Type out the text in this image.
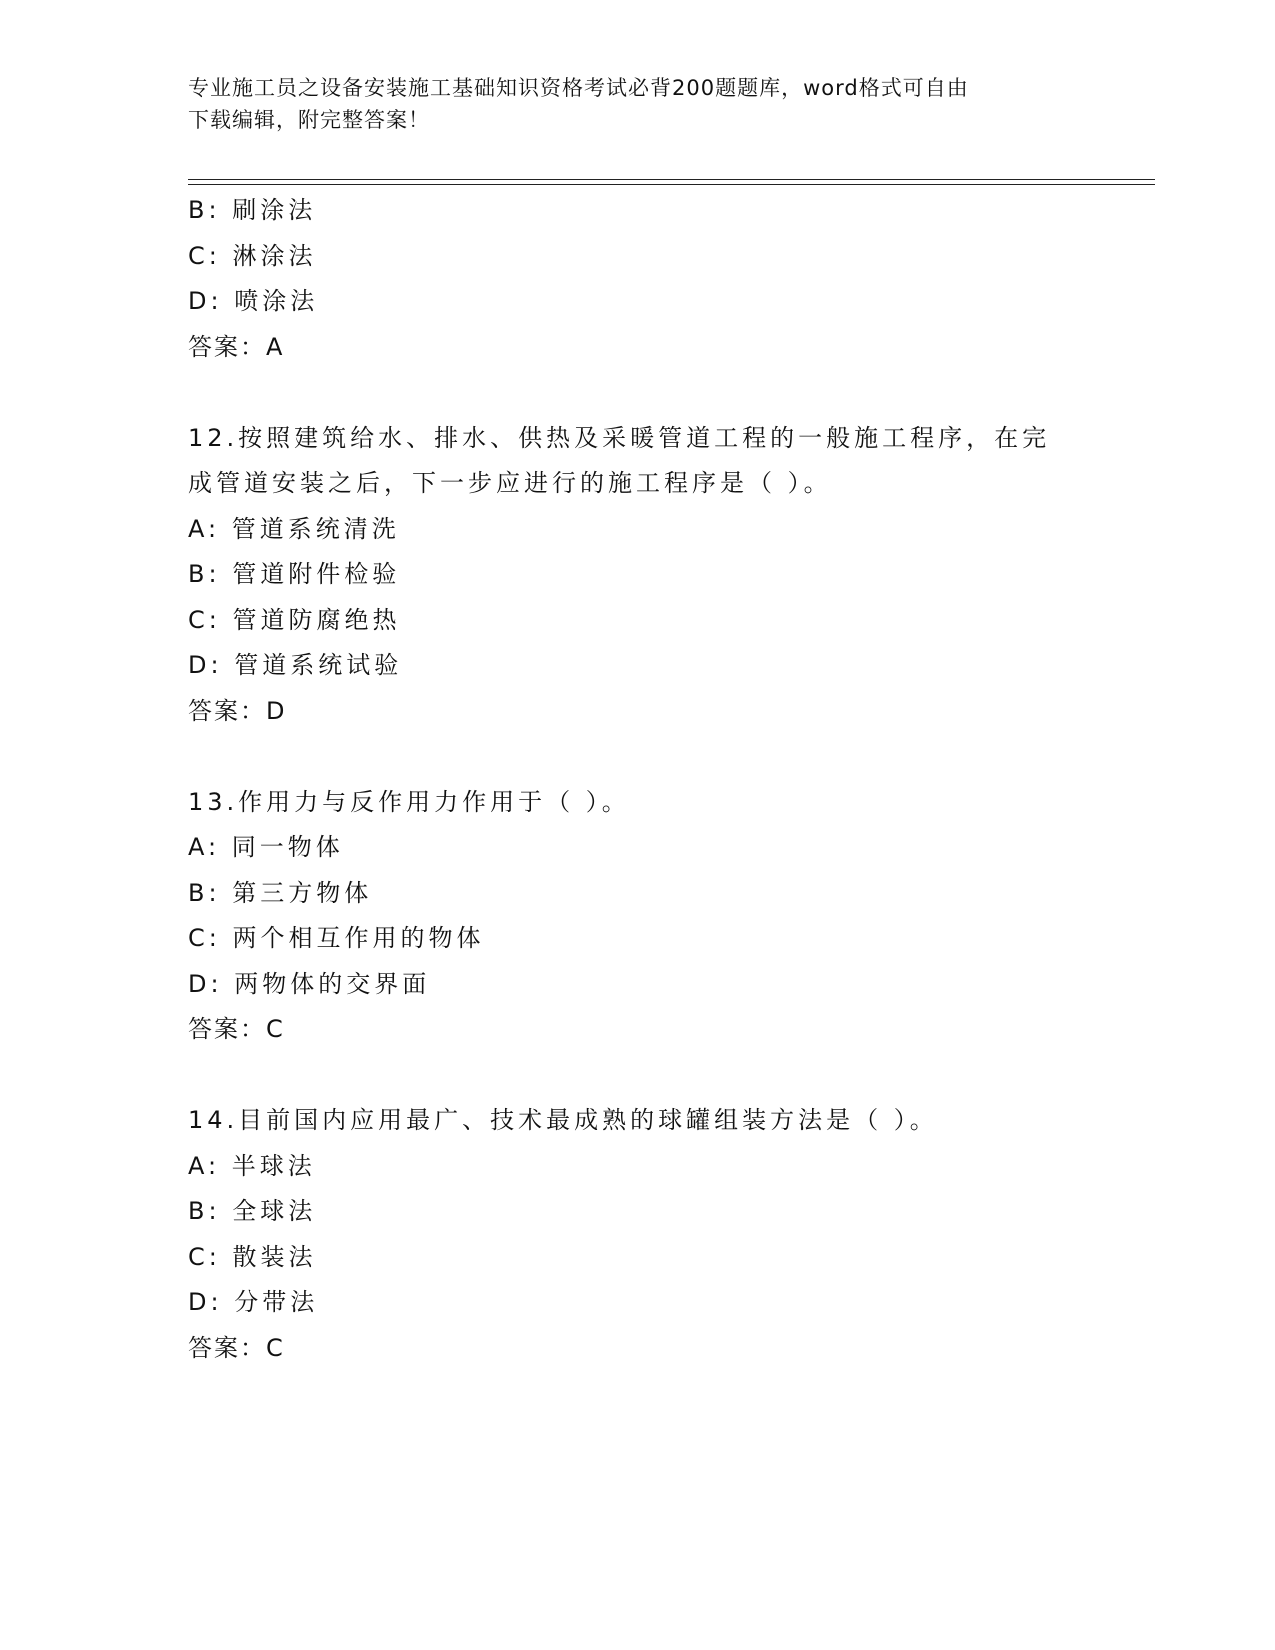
专业施工员之设备安装施工基础知识资格考试必背200题题库，word格式可自由
下载编辑，附完整答案！
B: 刷涂法
C: 淋涂法
D: 喷涂法
答案：A
12.按照建筑给水、排水、供热及采暖管道工程的一般施工程序，在完
成管道安装之后，下一步应进行的施工程序是（ ）。
A: 管道系统清洗
B: 管道附件检验
C: 管道防腐绝热
D: 管道系统试验
答案：D
13.作用力与反作用力作用于（ ）。
A: 同一物体
B: 第三方物体
C: 两个相互作用的物体
D: 两物体的交界面
答案：C
14.目前国内应用最广、技术最成熟的球罐组装方法是（ ）。
A: 半球法
B: 全球法
C: 散装法
D: 分带法
答案：C
